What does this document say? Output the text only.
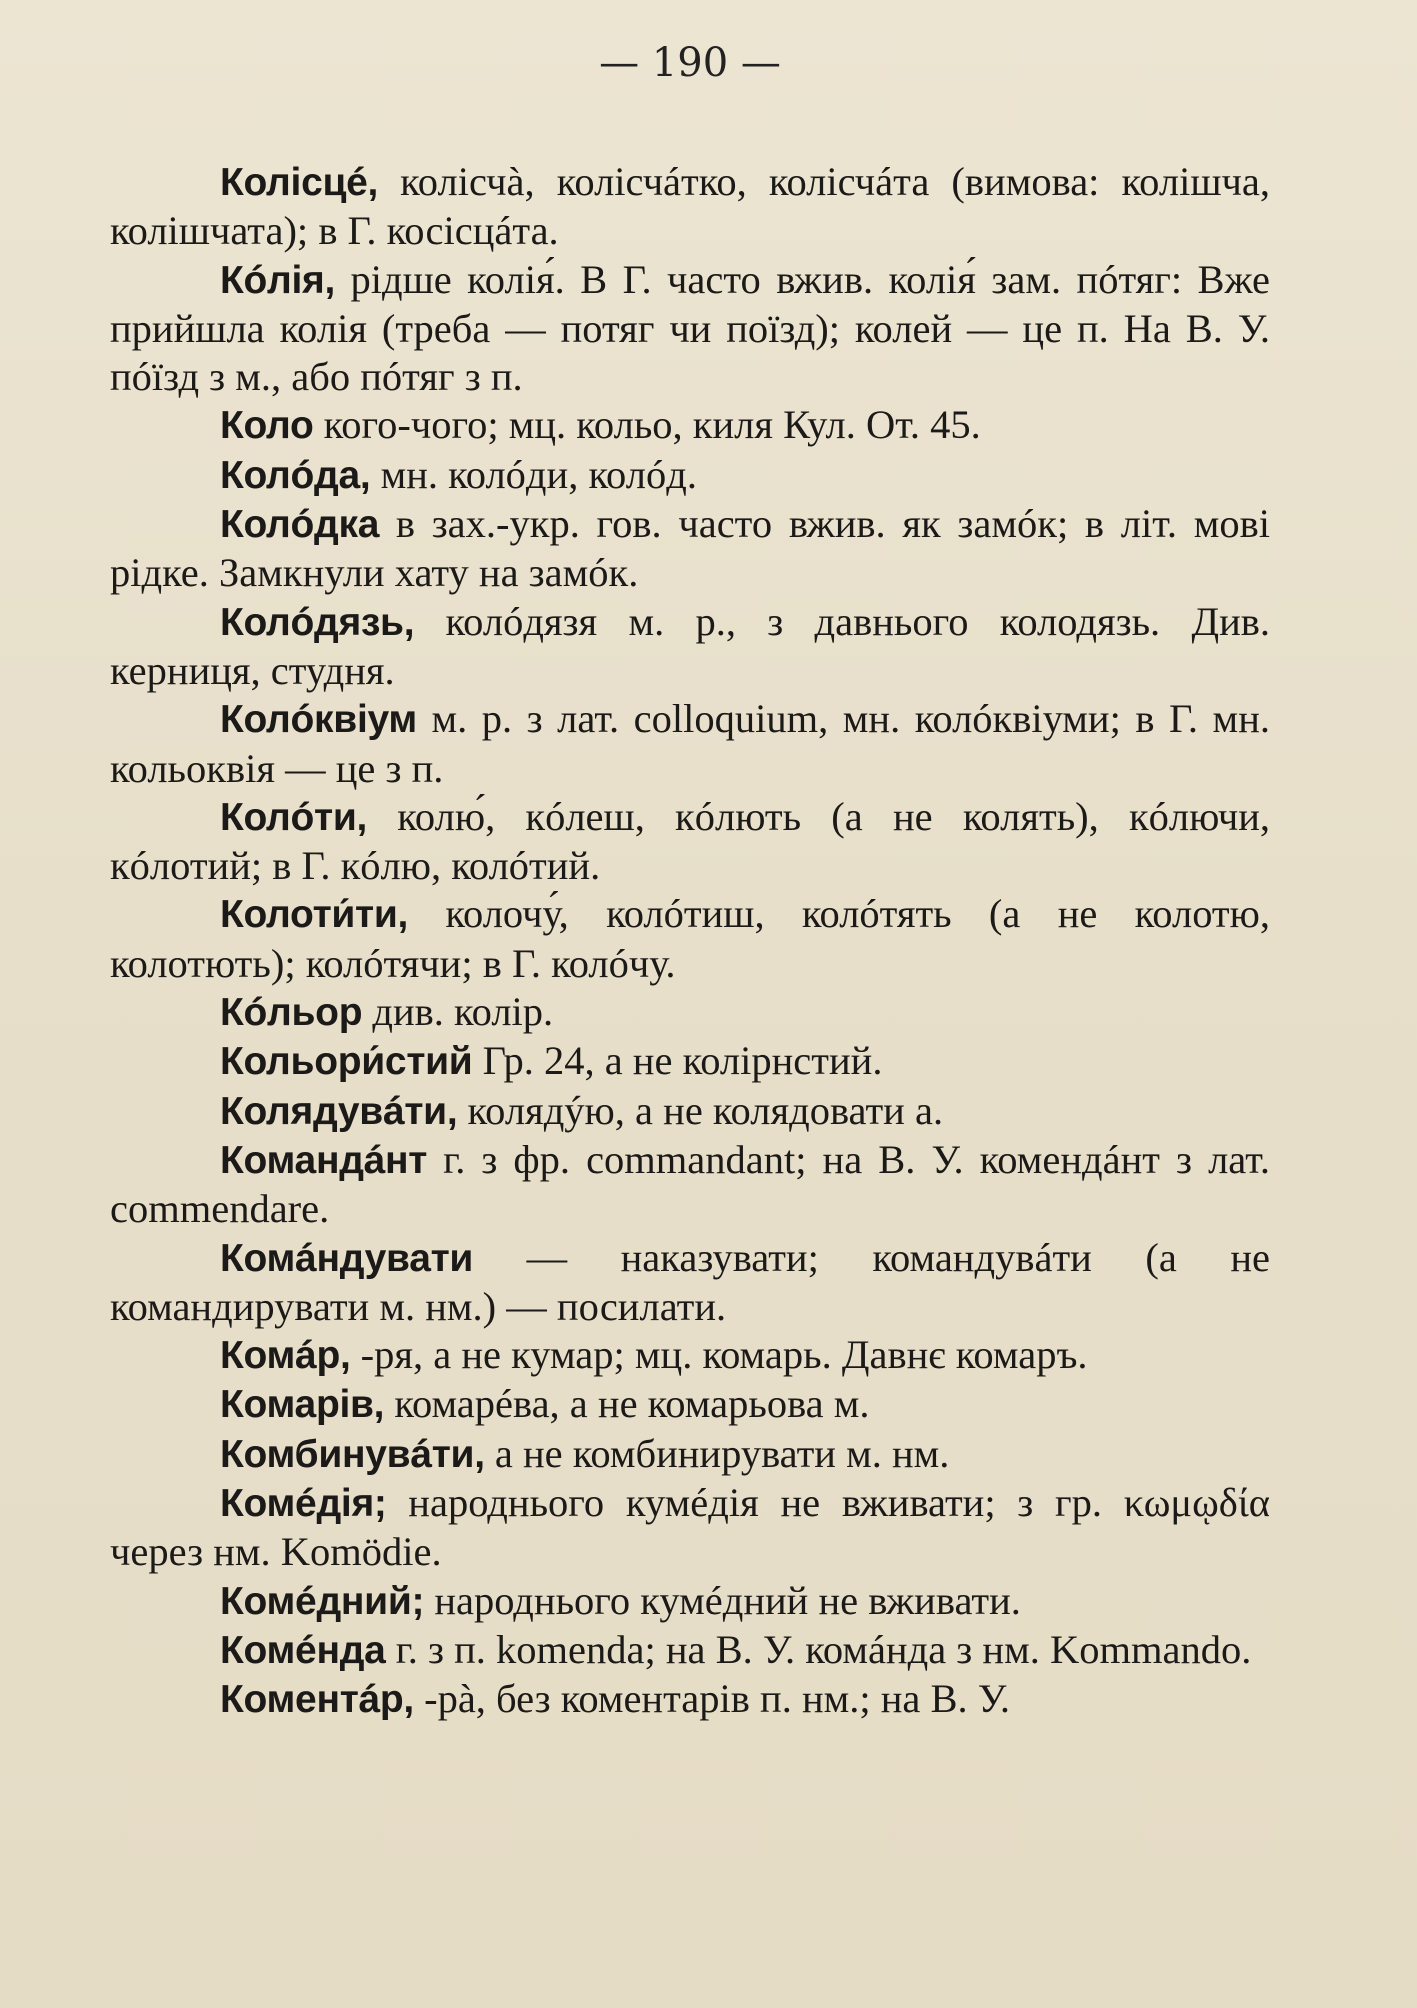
— 190 —

Колісцé, колісчà, колісчáтко, колісчáта (вимова: колішча, колішчата); в Г. косісцáта.

Кóлія, рідше колія́. В Г. часто вжив. колія́ зам. пóтяг: Вже прийшла колія (треба — потяг чи поїзд); колей — це п. На В. У. пóїзд з м., або пóтяг з п.

Коло кого-чого; мц. кольо, киля Кул. От. 45.

Колóда, мн. колóди, колóд.

Колóдка в зах.-укр. гов. часто вжив. як замóк; в літ. мові рідке. Замкнули хату на замóк.

Колóдязь, колóдязя м. р., з давнього колодязь. Див. керниця, студня.

Колóквіум м. р. з лат. colloquium, мн. колóквіуми; в Г. мн. кольоквія — це з п.

Колóти, колю́, кóлеш, кóлють (а не колять), кóлючи, кóлотий; в Г. кóлю, колóтий.

Колоти́ти, колочу́, колóтиш, колóтять (а не колотю, колотють); колóтячи; в Г. колóчу.

Кóльор див. колір.

Кольори́стий Гр. 24, а не колірнстий.

Колядувáти, колядýю, а не колядовати а.

Командáнт г. з фр. commandant; на В. У. комендáнт з лат. commendare.

Комáндувати — наказувати; командувáти (а не командирувати м. нм.) — посилати.

Комáр, -ря, а не кумар; мц. комарь. Давнє комаръ.

Комарів, комарéва, а не комарьова м.

Комбинувáти, а не комбинирувати м. нм.

Комéдія; народнього кумéдія не вживати; з гр. κωμῳδία через нм. Komödie.

Комéдний; народнього кумéдний не вживати.

Комéнда г. з п. komenda; на В. У. комáнда з нм. Kommando.

Коментáр, -рà, без коментарів п. нм.; на В. У.
